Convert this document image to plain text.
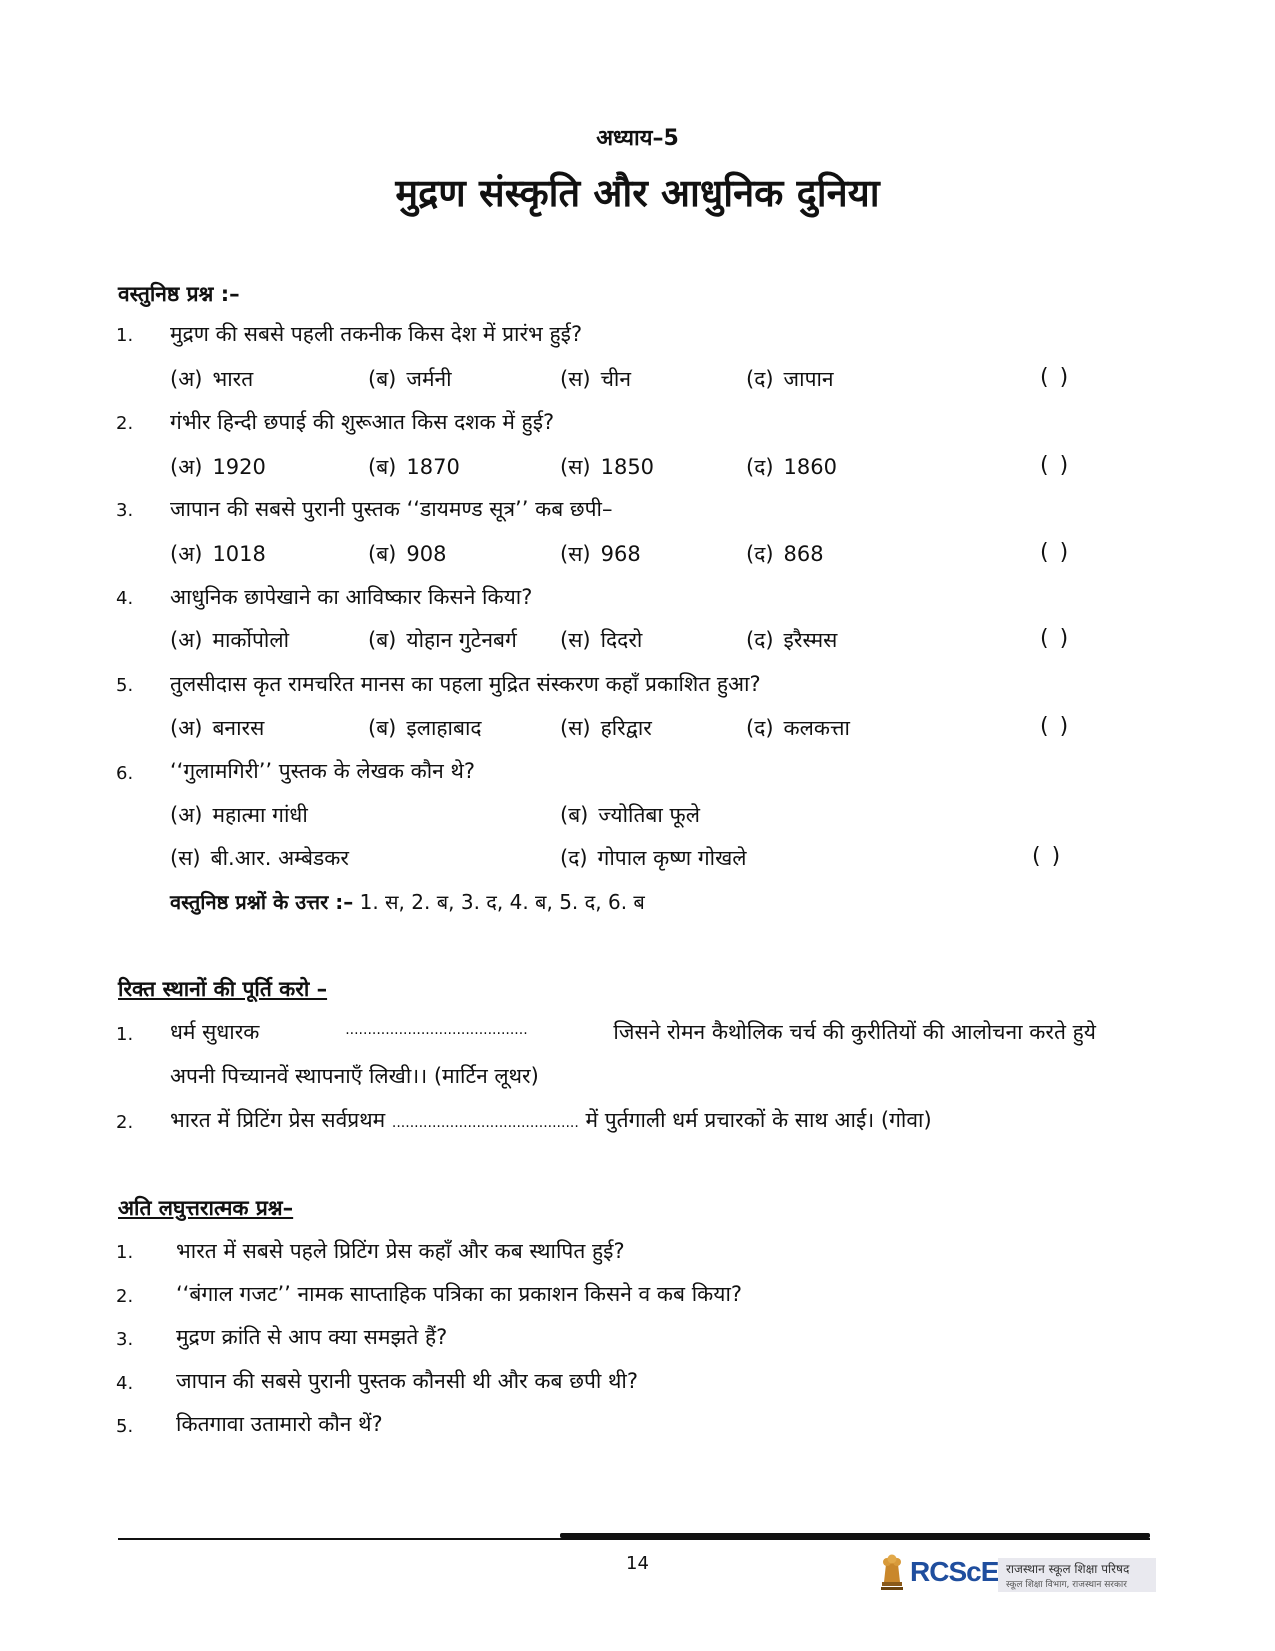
अध्याय–5
मुद्रण संस्कृति और आधुनिक दुनिया
वस्तुनिष्ठ प्रश्न :–
1. मुद्रण की सबसे पहली तकनीक किस देश में प्रारंभ हुई?
(अ) भारत	(ब) जर्मनी	(स) चीन	(द) जापान	( )
2. गंभीर हिन्दी छपाई की शुरूआत किस दशक में हुई?
(अ) 1920	(ब) 1870	(स) 1850	(द) 1860	( )
3. जापान की सबसे पुरानी पुस्तक ‘‘डायमण्ड सूत्र’’ कब छपी–
(अ) 1018	(ब) 908	(स) 968	(द) 868	( )
4. आधुनिक छापेखाने का आविष्कार किसने किया?
(अ) मार्कोपोलो	(ब) योहान गुटेनबर्ग (स) दिदरो	(द) इरैस्मस	( )
5. तुलसीदास कृत रामचरित मानस का पहला मुद्रित संस्करण कहाँ प्रकाशित हुआ?
(अ) बनारस	(ब) इलाहाबाद	(स) हरिद्वार	(द) कलकत्ता	( )
6. ‘‘गुलामगिरी’’ पुस्तक के लेखक कौन थे?
(अ) महात्मा गांधी	(ब) ज्योतिबा फूले
(स) बी.आर. अम्बेडकर	(द) गोपाल कृष्ण गोखले	( )
वस्तुनिष्ठ प्रश्नों के उत्तर :– 1. स, 2. ब, 3. द, 4. ब, 5. द, 6. ब
रिक्त स्थानों की पूर्ति करो –
1. धर्म सुधारक	.........................................	जिसने रोमन कैथोलिक चर्च की कुरीतियों की आलोचना करते हुये
अपनी पिच्यानवें स्थापनाएँ लिखी।। (मार्टिन लूथर)
2. भारत में प्रिटिंग प्रेस सर्वप्रथम .......................................... में पुर्तगाली धर्म प्रचारकों के साथ आई। (गोवा)
अति लघुत्तरात्मक प्रश्न–
1. भारत में सबसे पहले प्रिटिंग प्रेस कहाँ और कब स्थापित हुई?
2. ‘‘बंगाल गजट’’ नामक साप्ताहिक पत्रिका का प्रकाशन किसने व कब किया?
3. मुद्रण क्रांति से आप क्या समझते हैं?
4. जापान की सबसे पुरानी पुस्तक कौनसी थी और कब छपी थी?
5. कितगावा उतामारो कौन थें?
14	RCScE राजस्थान स्कूल शिक्षा परिषद
स्कूल शिक्षा विभाग, राजस्थान सरकार
